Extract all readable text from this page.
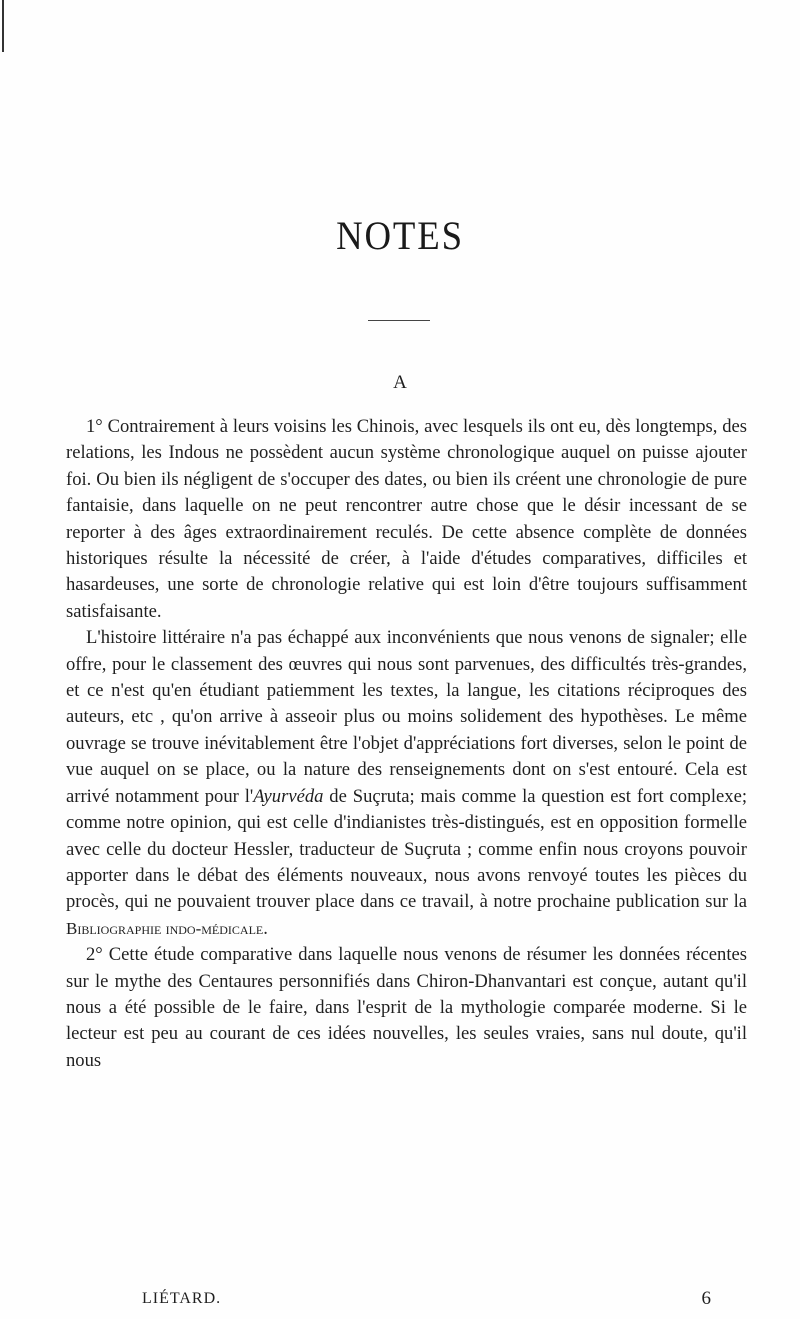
NOTES
A

1° Contrairement à leurs voisins les Chinois, avec lesquels ils ont eu, dès longtemps, des relations, les Indous ne possèdent aucun système chronologique auquel on puisse ajouter foi. Ou bien ils négligent de s'occuper des dates, ou bien ils créent une chronologie de pure fantaisie, dans laquelle on ne peut rencontrer autre chose que le désir incessant de se reporter à des âges extraordinairement reculés. De cette absence complète de données historiques résulte la nécessité de créer, à l'aide d'études comparatives, difficiles et hasardeuses, une sorte de chronologie relative qui est loin d'être toujours suffisamment satisfaisante.

L'histoire littéraire n'a pas échappé aux inconvénients que nous venons de signaler; elle offre, pour le classement des œuvres qui nous sont parvenues, des difficultés très-grandes, et ce n'est qu'en étudiant patiemment les textes, la langue, les citations réciproques des auteurs, etc , qu'on arrive à asseoir plus ou moins solidement des hypothèses. Le même ouvrage se trouve inévitablement être l'objet d'appréciations fort diverses, selon le point de vue auquel on se place, ou la nature des renseignements dont on s'est entouré. Cela est arrivé notamment pour l'Ayurvéda de Suçruta; mais comme la question est fort complexe; comme notre opinion, qui est celle d'indianistes très-distingués, est en opposition formelle avec celle du docteur Hessler, traducteur de Suçruta ; comme enfin nous croyons pouvoir apporter dans le débat des éléments nouveaux, nous avons renvoyé toutes les pièces du procès, qui ne pouvaient trouver place dans ce travail, à notre prochaine publication sur la Bibliographie indo-médicale.

2° Cette étude comparative dans laquelle nous venons de résumer les données récentes sur le mythe des Centaures personnifiés dans Chiron-Dhanvantari est conçue, autant qu'il nous a été possible de le faire, dans l'esprit de la mythologie comparée moderne. Si le lecteur est peu au courant de ces idées nouvelles, les seules vraies, sans nul doute, qu'il nous

LIÉTARD.	6
